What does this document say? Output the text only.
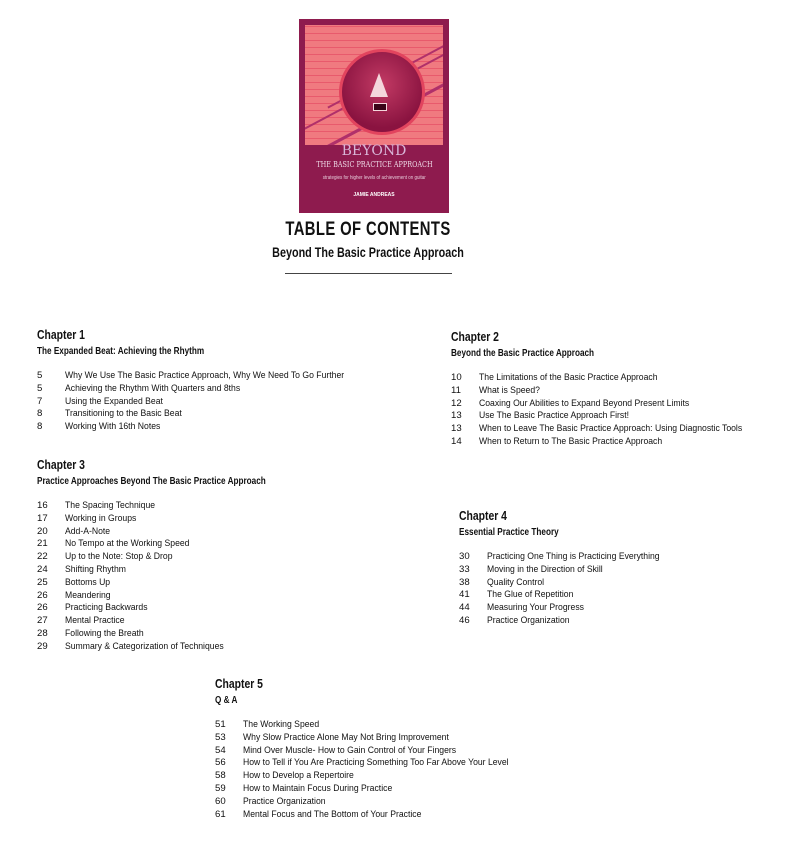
BEYOND
THE BASIC PRACTICE APPROACH
strategies for higher levels of achievement on guitar
JAMIE ANDREAS
TABLE OF CONTENTS
Beyond The Basic Practice Approach
Chapter 1
The Expanded Beat: Achieving the Rhythm
5	Why We Use The Basic Practice Approach, Why We Need To Go Further
5	Achieving the Rhythm With Quarters and 8ths
7	Using the Expanded Beat
8	Transitioning to the Basic Beat
8	Working With 16th Notes
Chapter 2
Beyond the Basic Practice Approach
10	The Limitations of the Basic Practice Approach
11	What is Speed?
12	Coaxing Our Abilities to Expand Beyond Present Limits
13	Use The Basic Practice Approach First!
13	When to Leave The Basic Practice Approach: Using Diagnostic Tools
14	When to Return to The Basic Practice Approach
Chapter 3
Practice Approaches Beyond The Basic Practice Approach
16	The Spacing Technique
17	Working in Groups
20	Add-A-Note
21	No Tempo at the Working Speed
22	Up to the Note: Stop & Drop
24	Shifting Rhythm
25	Bottoms Up
26	Meandering
26	Practicing Backwards
27	Mental Practice
28	Following the Breath
29	Summary & Categorization of Techniques
Chapter 4
Essential Practice Theory
30	Practicing One Thing is Practicing Everything
33	Moving in the Direction of Skill
38	Quality Control
41	The Glue of Repetition
44	Measuring Your Progress
46	Practice Organization
Chapter 5
Q & A
51	The Working Speed
53	Why Slow Practice Alone May Not Bring Improvement
54	Mind Over Muscle- How to Gain Control of Your Fingers
56	How to Tell if You Are Practicing Something Too Far Above Your Level
58	How to Develop a Repertoire
59	How to Maintain Focus During Practice
60	Practice Organization
61	Mental Focus and The Bottom of Your Practice
